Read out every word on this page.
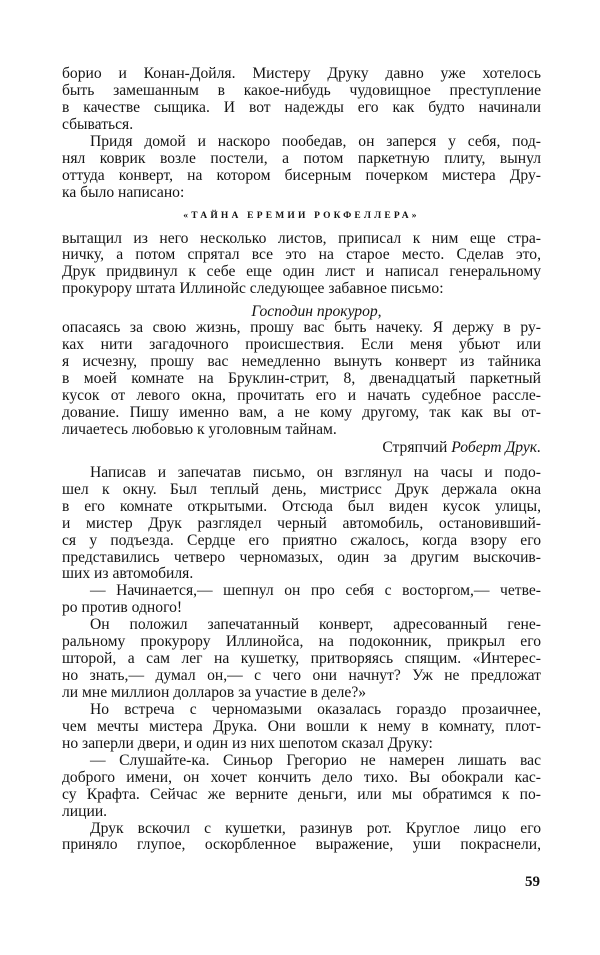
борио и Конан-Дойля. Мистеру Друку давно уже хотелось
быть замешанным в какое-нибудь чудовищное преступление
в качестве сыщика. И вот надежды его как будто начинали
сбываться.
Придя домой и наскоро пообедав, он заперся у себя, под-
нял коврик возле постели, а потом паркетную плиту, вынул
оттуда конверт, на котором бисерным почерком мистера Дру-
ка было написано:
«ТАЙНА ЕРЕМИИ РОКФЕЛЛЕРА»
вытащил из него несколько листов, приписал к ним еще стра-
ничку, а потом спрятал все это на старое место. Сделав это,
Друк придвинул к себе еще один лист и написал генеральному
прокурору штата Иллинойс следующее забавное письмо:
Господин прокурор,
опасаясь за свою жизнь, прошу вас быть начеку. Я держу в ру-
ках нити загадочного происшествия. Если меня убьют или
я исчезну, прошу вас немедленно вынуть конверт из тайника
в моей комнате на Бруклин-стрит, 8, двенадцатый паркетный
кусок от левого окна, прочитать его и начать судебное рассле-
дование. Пишу именно вам, а не кому другому, так как вы от-
личаетесь любовью к уголовным тайнам.
Стряпчий Роберт Друк.
Написав и запечатав письмо, он взглянул на часы и подо-
шел к окну. Был теплый день, мистрисс Друк держала окна
в его комнате открытыми. Отсюда был виден кусок улицы,
и мистер Друк разглядел черный автомобиль, остановивший-
ся у подъезда. Сердце его приятно сжалось, когда взору его
представились четверо черномазых, один за другим выскочив-
ших из автомобиля.
— Начинается,— шепнул он про себя с восторгом,— четве-
ро против одного!
Он положил запечатанный конверт, адресованный гене-
ральному прокурору Иллинойса, на подоконник, прикрыл его
шторой, а сам лег на кушетку, притворяясь спящим. «Интерес-
но знать,— думал он,— с чего они начнут? Уж не предложат
ли мне миллион долларов за участие в деле?»
Но встреча с черномазыми оказалась гораздо прозаичнее,
чем мечты мистера Друка. Они вошли к нему в комнату, плот-
но заперли двери, и один из них шепотом сказал Друку:
— Слушайте-ка. Синьор Грегорио не намерен лишать вас
доброго имени, он хочет кончить дело тихо. Вы обокрали кас-
су Крафта. Сейчас же верните деньги, или мы обратимся к по-
лиции.
Друк вскочил с кушетки, разинув рот. Круглое лицо его
приняло глупое, оскорбленное выражение, уши покраснели,
59
